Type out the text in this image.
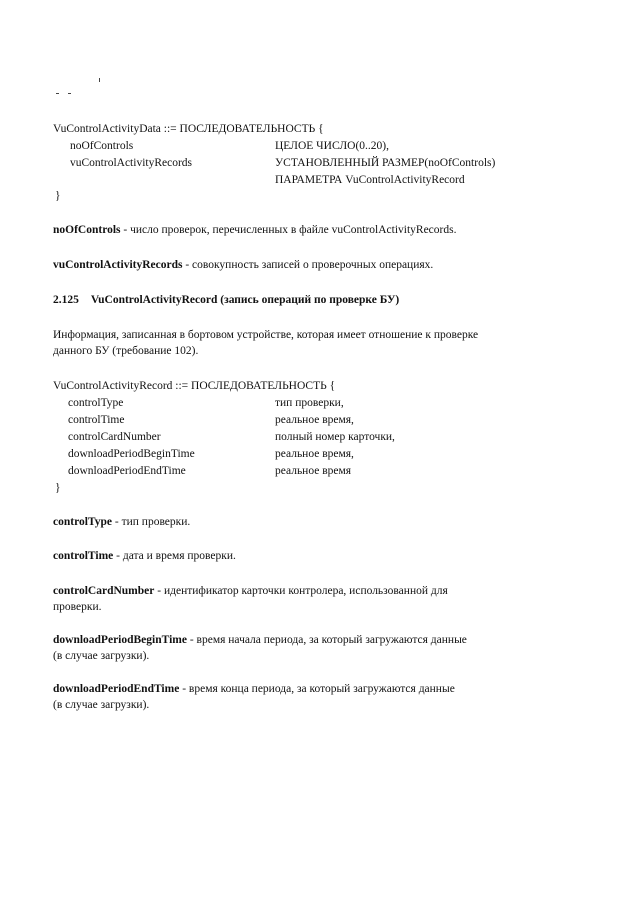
VuControlActivityData ::= ПОСЛЕДОВАТЕЛЬНОСТЬ {
noOfControls	ЦЕЛОЕ ЧИСЛО(0..20),
vuControlActivityRecords	УСТАНОВЛЕННЫЙ РАЗМЕР(noOfControls)
ПАРАМЕТРА VuControlActivityRecord
}
noOfControls - число проверок, перечисленных в файле vuControlActivityRecords.
vuControlActivityRecords - совокупность записей о проверочных операциях.
2.125 VuControlActivityRecord (запись операций по проверке БУ)
Информация, записанная в бортовом устройстве, которая имеет отношение к проверке
данного БУ (требование 102).
VuControlActivityRecord ::= ПОСЛЕДОВАТЕЛЬНОСТЬ {
controlType	тип проверки,
controlTime	реальное время,
controlCardNumber	полный номер карточки,
downloadPeriodBeginTime	реальное время,
downloadPeriodEndTime	реальное время
}
controlType - тип проверки.
controlTime - дата и время проверки.
controlCardNumber - идентификатор карточки контролера, использованной для
проверки.
downloadPeriodBeginTime - время начала периода, за который загружаются данные
(в случае загрузки).
downloadPeriodEndTime - время конца периода, за который загружаются данные
(в случае загрузки).
